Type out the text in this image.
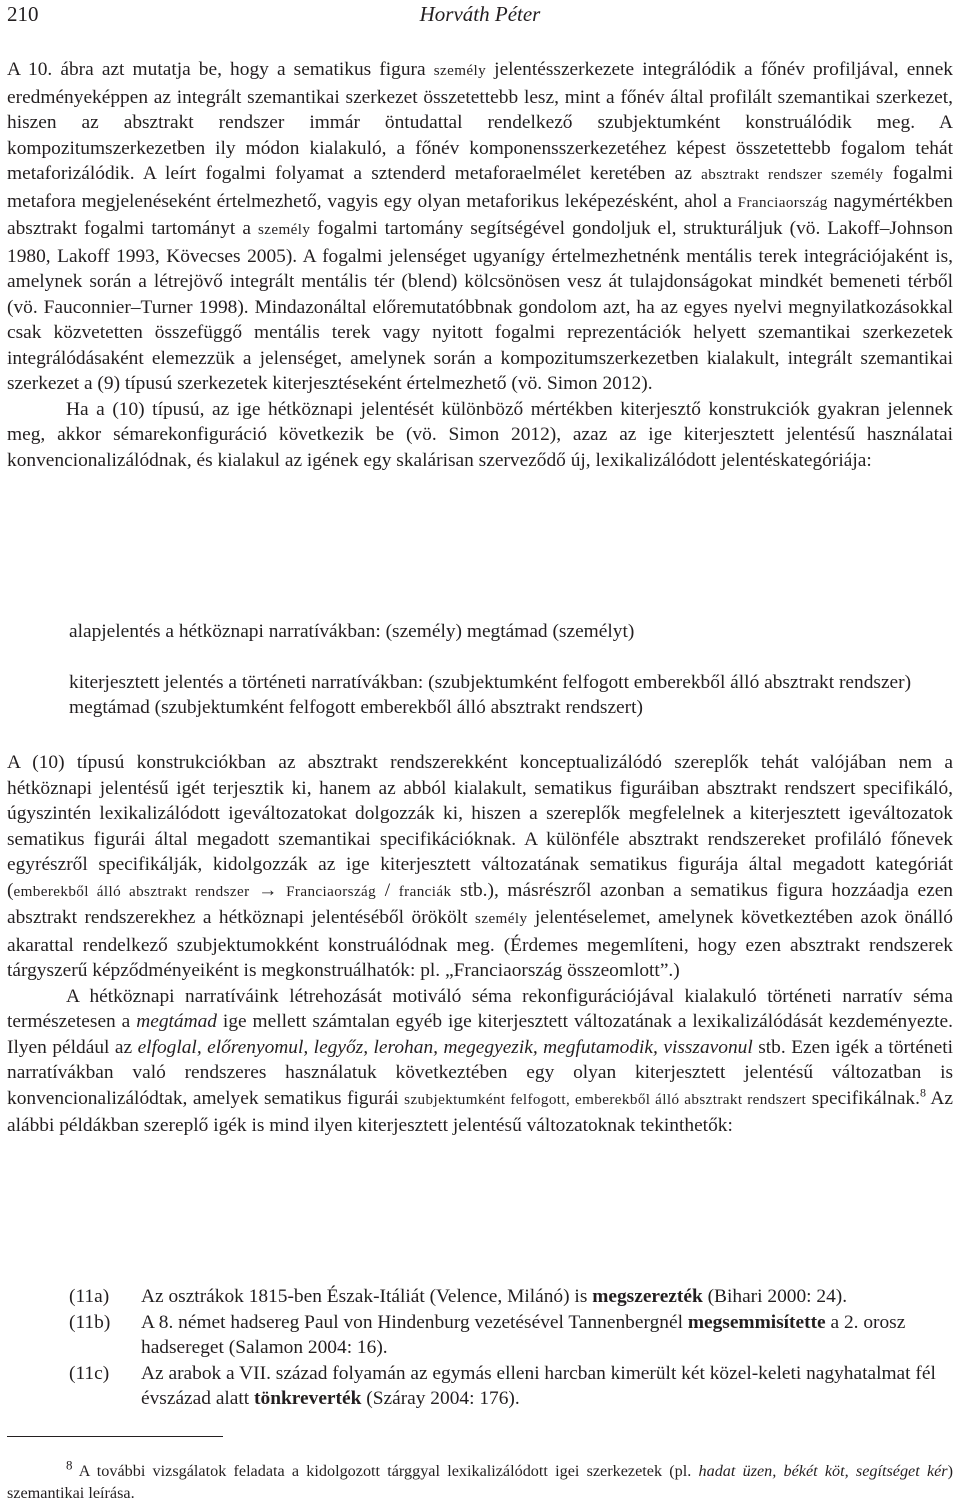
210	Horváth Péter

A 10. ábra azt mutatja be, hogy a sematikus figura személy jelentésszerkezete integrálódik a főnév profiljával, ennek eredményeképpen az integrált szemantikai szerkezet összetettebb lesz, mint a főnév által profilált szemantikai szerkezet, hiszen az absztrakt rendszer immár öntudattal rendelkező szubjektumként konstruálódik meg. A kompozitumszerkezetben ily módon kialakuló, a főnév komponensszerkezetéhez képest összetettebb fogalom tehát metaforizálódik. A leírt fogalmi folyamat a sztenderd metaforaelmélet keretében az absztrakt rendszer személy fogalmi metafora megjelenéseként értelmezhető, vagyis egy olyan metaforikus leképezésként, ahol a Franciaország nagymértékben absztrakt fogalmi tartományt a személy fogalmi tartomány segítségével gondoljuk el, strukturáljuk (vö. Lakoff–Johnson 1980, Lakoff 1993, Kövecses 2005). A fogalmi jelenséget ugyanígy értelmezhetnénk mentális terek integrációjaként is, amelynek során a létrejövő integrált mentális tér (blend) kölcsönösen vesz át tulajdonságokat mindkét bemeneti térből (vö. Fauconnier–Turner 1998). Mindazonáltal előremutatóbbnak gondolom azt, ha az egyes nyelvi megnyilatkozásokkal csak közvetetten összefüggő mentális terek vagy nyitott fogalmi reprezentációk helyett szemantikai szerkezetek integrálódásaként elemezzük a jelenséget, amelynek során a kompozitumszerkezetben kialakult, integrált szemantikai szerkezet a (9) típusú szerkezetek kiterjesztéseként értelmezhető (vö. Simon 2012).

Ha a (10) típusú, az ige hétköznapi jelentését különböző mértékben kiterjesztő konstrukciók gyakran jelennek meg, akkor sémarekonfiguráció következik be (vö. Simon 2012), azaz az ige kiterjesztett jelentésű használatai konvencionalizálódnak, és kialakul az igének egy skalárisan szerveződő új, lexikalizálódott jelentéskategóriája:

alapjelentés a hétköznapi narratívákban: (személy) megtámad (személyt)

kiterjesztett jelentés a történeti narratívákban: (szubjektumként felfogott emberekből álló absztrakt rendszer) megtámad (szubjektumként felfogott emberekből álló absztrakt rendszert)

A (10) típusú konstrukciókban az absztrakt rendszerekként konceptualizálódó szereplők tehát valójában nem a hétköznapi jelentésű igét terjesztik ki, hanem az abból kialakult, sematikus figuráiban absztrakt rendszert specifikáló, úgyszintén lexikalizálódott igeváltozatokat dolgozzák ki, hiszen a szereplők megfelelnek a kiterjesztett igeváltozatok sematikus figurái által megadott szemantikai specifikációknak. A különféle absztrakt rendszereket profiláló főnevek egyrészről specifikálják, kidolgozzák az ige kiterjesztett változatának sematikus figurája által megadott kategóriát (emberekből álló absztrakt rendszer → Franciaország / franciák stb.), másrészről azonban a sematikus figura hozzáadja ezen absztrakt rendszerekhez a hétköznapi jelentéséből örökölt személy jelentéselemet, amelynek következtében azok önálló akarattal rendelkező szubjektumokként konstruálódnak meg. (Érdemes megemlíteni, hogy ezen absztrakt rendszerek tárgyszerű képződményeiként is megkonstruálhatók: pl. „Franciaország összeomlott”.)

A hétköznapi narratíváink létrehozását motiváló séma rekonfigurációjával kialakuló történeti narratív séma természetesen a megtámad ige mellett számtalan egyéb ige kiterjesztett változatának a lexikalizálódását kezdeményezte. Ilyen például az elfoglal, előrenyomul, legyőz, lerohan, megegyezik, megfutamodik, visszavonul stb. Ezen igék a történeti narratívákban való rendszeres használatuk következtében egy olyan kiterjesztett jelentésű változatban is konvencionalizálódtak, amelyek sematikus figurái szubjektumként felfogott, emberekből álló absztrakt rendszert specifikálnak.$^8$ Az alábbi példákban szereplő igék is mind ilyen kiterjesztett jelentésű változatoknak tekinthetők:

(11a) Az osztrákok 1815-ben Észak-Itáliát (Velence, Milánó) is megszerezték (Bihari 2000: 24).
(11b) A 8. német hadsereg Paul von Hindenburg vezetésével Tannenbergnél megsemmisítette a 2. orosz hadsereget (Salamon 2004: 16).
(11c) Az arabok a VII. század folyamán az egymás elleni harcban kimerült két közel-keleti nagyhatalmat fél évszázad alatt tönkreverték (Száray 2004: 176).
$^8$ A további vizsgálatok feladata a kidolgozott tárggyal lexikalizálódott igei szerkezetek (pl. hadat üzen, békét köt, segítséget kér) szemantikai leírása.
